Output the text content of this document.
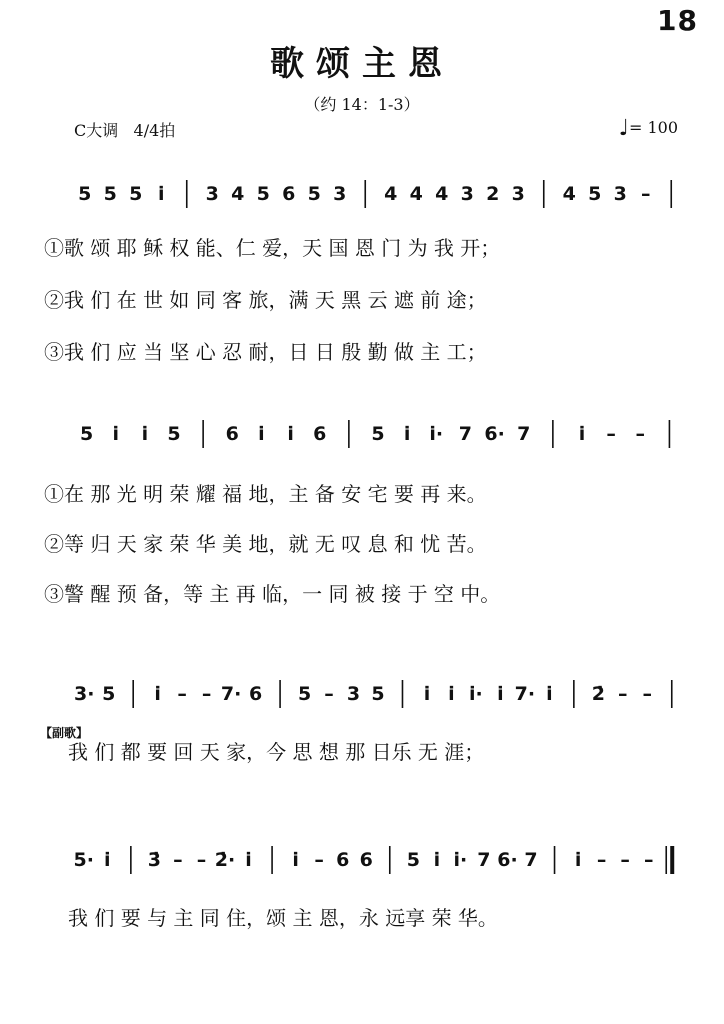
18
歌颂主恩
（约 14：1-3）
C大调 4/4拍	♩= 100
5 5 5 i̇ 3 4 5 6 5 3 4 4 4 3 2 3 4 5 3 –
5 i̇ i̇ 5 6 i̇ i̇ 6 5 i̇ i̇· 7 6· 7	i̇ – –
3· 5 i̇ – – 7· 6 5 – 3 5 i̇ i̇ i̇· i̇ 7· i̇ 2̇ – –
5· i̇ 3̇ – – 2̇· i̇ i̇ – 6 6 5 i̇ i̇· 7 6· 7 i̇ – – –
①歌 颂 耶 稣 权 能、仁 爱，天 国 恩 门 为 我 开；
②我 们 在 世 如 同 客 旅，满 天 黑 云 遮 前 途；
③我 们 应 当 坚 心 忍 耐，日 日 殷 勤 做 主 工；
①在 那 光 明 荣 耀 福 地，主 备 安 宅 要 再 来。
②等 归 天 家 荣 华 美 地，就 无 叹 息 和 忧 苦。
③警 醒 预 备，等 主 再 临，一 同 被 接 于 空 中。
【副歌】
我 们 都 要 回 天 家，今 思 想 那 日乐 无 涯；
我 们 要 与 主 同 住，颂 主 恩，永 远享 荣 华。
